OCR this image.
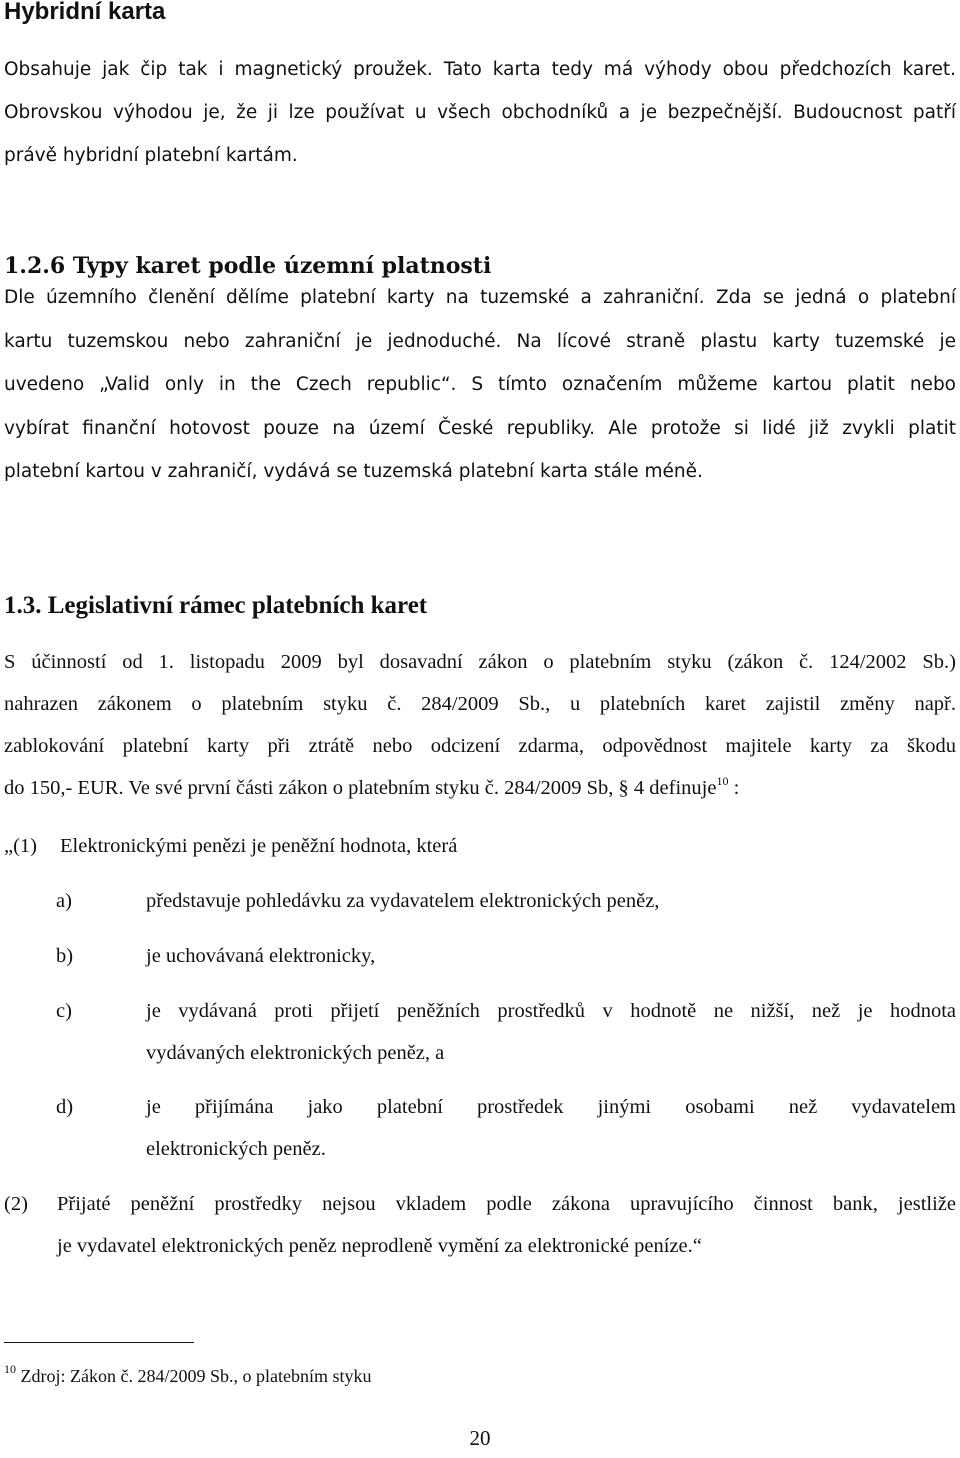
Hybridní karta

Obsahuje jak čip tak i magnetický proužek. Tato karta tedy má výhody obou předchozích karet.
Obrovskou výhodou je, že ji lze používat u všech obchodníků a je bezpečnější. Budoucnost patří
právě hybridní platební kartám.

1.2.6 Typy karet podle územní platnosti

Dle územního členění dělíme platební karty na tuzemské a zahraniční. Zda se jedná o platební
kartu tuzemskou nebo zahraniční je jednoduché. Na lícové straně plastu karty tuzemské je
uvedeno „Valid only in the Czech republic“. S tímto označením můžeme kartou platit nebo
vybírat finanční hotovost pouze na území České republiky. Ale protože si lidé již zvykli platit
platební kartou v zahraničí, vydává se tuzemská platební karta stále méně.

1.3. Legislativní rámec platebních karet

S účinností od 1. listopadu 2009 byl dosavadní zákon o platebním styku (zákon č. 124/2002 Sb.)
nahrazen zákonem o platebním styku č. 284/2009 Sb., u platebních karet zajistil změny např.
zablokování platební karty při ztrátě nebo odcizení zdarma, odpovědnost majitele karty za škodu
do 150,- EUR. Ve své první části zákon o platebním styku č. 284/2009 Sb, § 4 definuje$^{10}$ :

„(1) Elektronickými penězi je peněžní hodnota, která
a)	představuje pohledávku za vydavatelem elektronických peněz,
b)	je uchovávaná elektronicky,
c)	je vydávaná proti přijetí peněžních prostředků v hodnotě ne nižší, než je hodnota
vydávaných elektronických peněz, a
d)	je přijímána jako platební prostředek jinými osobami než vydavatelem
elektronických peněz.
(2) Přijaté peněžní prostředky nejsou vkladem podle zákona upravujícího činnost bank, jestliže
je vydavatel elektronických peněz neprodleně vymění za elektronické peníze.“

$^{10}$ Zdroj: Zákon č. 284/2009 Sb., o platebním styku

20
